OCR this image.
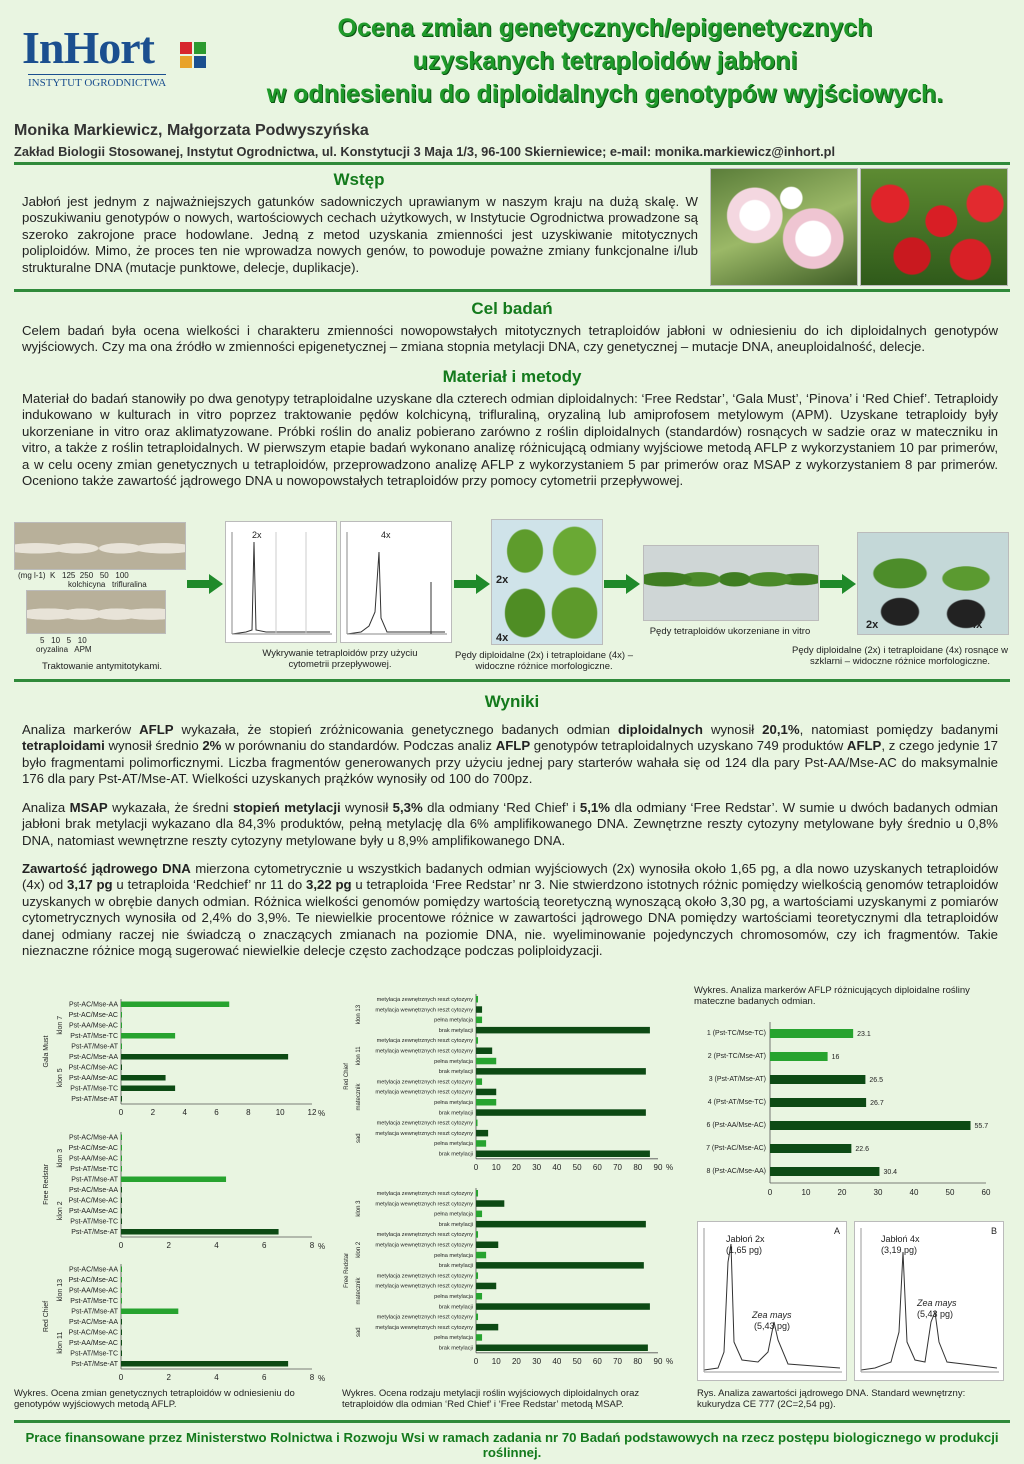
InHort
INSTYTUT OGRODNICTWA
Ocena zmian genetycznych/epigenetycznych
uzyskanych tetraploidów jabłoni
w odniesieniu do diploidalnych genotypów wyjściowych.
Monika Markiewicz, Małgorzata Podwyszyńska
Zakład Biologii Stosowanej, Instytut Ogrodnictwa, ul. Konstytucji 3 Maja 1/3, 96-100 Skierniewice; e-mail: monika.markiewicz@inhort.pl
Wstęp
Jabłoń jest jednym z najważniejszych gatunków sadowniczych uprawianym w naszym kraju na dużą skalę. W poszukiwaniu genotypów o nowych, wartościowych cechach użytkowych, w Instytucie Ogrodnictwa prowadzone są szeroko zakrojone prace hodowlane. Jedną z metod uzyskania zmienności jest uzyskiwanie mitotycznych poliploidów. Mimo, że proces ten nie wprowadza nowych genów, to powoduje poważne zmiany funkcjonalne i/lub strukturalne DNA (mutacje punktowe, delecje, duplikacje).
Cel badań
Celem badań była ocena wielkości i charakteru zmienności nowopowstałych mitotycznych tetraploidów jabłoni w odniesieniu do ich diploidalnych genotypów wyjściowych. Czy ma ona źródło w zmienności epigenetycznej – zmiana stopnia metylacji DNA, czy genetycznej – mutacje DNA, aneuploidalność, delecje.
Materiał i metody
Materiał do badań stanowiły po dwa genotypy tetraploidalne uzyskane dla czterech odmian diploidalnych: ‘Free Redstar’, ‘Gala Must’, ‘Pinova’ i ‘Red Chief’. Tetraploidy indukowano w kulturach in vitro poprzez traktowanie pędów kolchicyną, trifluraliną, oryzaliną lub amiprofosem metylowym (APM). Uzyskane tetraploidy były ukorzeniane in vitro oraz aklimatyzowane. Próbki roślin do analiz pobierano zarówno z roślin diploidalnych (standardów) rosnących w sadzie oraz w mateczniku in vitro, a także z roślin tetraploidalnych. W pierwszym etapie badań wykonano analizę różnicującą odmiany wyjściowe metodą AFLP z wykorzystaniem 10 par primerów, a w celu oceny zmian genetycznych u tetraploidów, przeprowadzono analizę AFLP z wykorzystaniem 5 par primerów oraz MSAP z wykorzystaniem 8 par primerów. Oceniono także zawartość jądrowego DNA u nowopowstałych tetraploidów przy pomocy cytometrii przepływowej.
(mg l-1)  K   125  250   50   100
kolchicyna   trifluralina
5   10   5   10
oryzalina   APM
Traktowanie antymitotykami.
2x	4x
Wykrywanie tetraploidów przy użyciu cytometrii przepływowej.
2x
4x
Pędy diploidalne (2x) i tetraploidane (4x) – widoczne różnice morfologiczne.
Pędy tetraploidów ukorzeniane in vitro
2x	4x
Pędy diploidalne (2x) i tetraploidane (4x) rosnące w szklarni – widoczne różnice morfologiczne.
Wyniki
Analiza markerów AFLP wykazała, że stopień zróżnicowania genetycznego badanych odmian diploidalnych wynosił 20,1%, natomiast pomiędzy badanymi tetraploidami wynosił średnio 2% w porównaniu do standardów. Podczas analiz AFLP genotypów tetraploidalnych uzyskano 749 produktów AFLP, z czego jedynie 17 było fragmentami polimorficznymi. Liczba fragmentów generowanych przy użyciu jednej pary starterów wahała się od 124 dla pary Pst-AA/Mse-AC do maksymalnie 176 dla pary Pst-AT/Mse-AT. Wielkości uzyskanych prążków wynosiły od 100 do 700pz.
Analiza MSAP wykazała, że średni stopień metylacji wynosił 5,3% dla odmiany ‘Red Chief’ i 5,1% dla odmiany ‘Free Redstar’. W sumie u dwóch badanych odmian jabłoni brak metylacji wykazano dla 84,3% produktów, pełną metylację dla 6% amplifikowanego DNA. Zewnętrzne reszty cytozyny metylowane były średnio u 0,8% DNA, natomiast wewnętrzne reszty cytozyny metylowane były u 8,9% amplifikowanego DNA.
Zawartość jądrowego DNA mierzona cytometrycznie u wszystkich badanych odmian wyjściowych (2x) wynosiła około 1,65 pg, a dla nowo uzyskanych tetraploidów (4x) od 3,17 pg u tetraploida ‘Redchief’ nr 11 do 3,22 pg u tetraploida ‘Free Redstar’ nr 3. Nie stwierdzono istotnych różnic pomiędzy wielkością genomów tetraploidów uzyskanych w obrębie danych odmian. Różnica wielkości genomów pomiędzy wartością teoretyczną wynoszącą około 3,30 pg, a wartościami uzyskanymi z pomiarów cytometrycznych wynosiła od 2,4% do 3,9%. Te niewielkie procentowe różnice w zawartości jądrowego DNA pomiędzy wartościami teoretycznymi dla tetraploidów danej odmiany raczej nie świadczą o znaczących zmianach na poziomie DNA, nie. wyeliminowanie pojedynczych chromosomów, czy ich fragmentów. Takie nieznaczne różnice mogą sugerować niewielkie delecje często zachodzące podczas poliploidyzacji.
0	2	4	6	8	10	12 %
Pst-AC/Mse-AA
Pst-AC/Mse-AC
Pst-AA/Mse-AC
Pst-AT/Mse-TC
Pst-AT/Mse-AT
Pst-AC/Mse-AA
Pst-AC/Mse-AC
Pst-AA/Mse-AC
Pst-AT/Mse-TC
Pst-AT/Mse-AT
klon 7
klon 5
Gala Must
0	2	4	6	8 %
Pst-AC/Mse-AA
Pst-AC/Mse-AC
Pst-AA/Mse-AC
Pst-AT/Mse-TC
Pst-AT/Mse-AT
Pst-AC/Mse-AA
Pst-AC/Mse-AC
Pst-AA/Mse-AC
Pst-AT/Mse-TC
Pst-AT/Mse-AT
klon 3
klon 2
Free Redstar
0	2	4	6	8 %
Pst-AC/Mse-AA
Pst-AC/Mse-AC
Pst-AA/Mse-AC
Pst-AT/Mse-TC
Pst-AT/Mse-AT
Pst-AC/Mse-AA
Pst-AC/Mse-AC
Pst-AA/Mse-AC
Pst-AT/Mse-TC
Pst-AT/Mse-AT
klon 13
klon 11
Red Chief
Wykres. Ocena zmian genetycznych tetraploidów w odniesieniu do genotypów wyjściowych metodą AFLP.
0 10 20 30 40 50 60 70 80 90 %
metylacja zewnętrznych reszt cytozyny
metylacja wewnętrznych reszt cytozyny
pełna metylacja
brak metylacji
klon 13
metylacja zewnętrznych reszt cytozyny
metylacja wewnętrznych reszt cytozyny
pełna metylacja
brak metylacji
klon 11
metylacja zewnętrznych reszt cytozyny
metylacja wewnętrznych reszt cytozyny
pełna metylacja
brak metylacji
matecznik
metylacja zewnętrznych reszt cytozyny
metylacja wewnętrznych reszt cytozyny
pełna metylacja
brak metylacji
sad
Red Chief
0 10 20 30 40 50 60 70 80 90 %
metylacja zewnętrznych reszt cytozyny
metylacja wewnętrznych reszt cytozyny
pełna metylacja
brak metylacji
klon 3
metylacja zewnętrznych reszt cytozyny
metylacja wewnętrznych reszt cytozyny
pełna metylacja
brak metylacji
klon 2
metylacja zewnętrznych reszt cytozyny
metylacja wewnętrznych reszt cytozyny
pełna metylacja
brak metylacji
matecznik
metylacja zewnętrznych reszt cytozyny
metylacja wewnętrznych reszt cytozyny
pełna metylacja
brak metylacji
sad
Free Redstar
Wykres. Ocena rodzaju metylacji roślin wyjściowych diploidalnych oraz tetraploidów dla odmian ‘Red Chief’ i ‘Free Redstar’ metodą MSAP.
Wykres. Analiza markerów AFLP różnicujących diploidalne rośliny mateczne badanych odmian.
0	10	20	30	40	50	60
1 (Pst-TC/Mse-TC)	23.1
2 (Pst-TC/Mse-AT)	16
3 (Pst-AT/Mse-AT)	26.5
4 (Pst-AT/Mse-TC)	26.7
6 (Pst-AA/Mse-AC)	55.7
7 (Pst-AC/Mse-AC)	22.6
8 (Pst-AC/Mse-AA)	30.4
A
Jabłoń 2x
(1,65 pg)
Zea mays
(5,43 pg)
B
Jabłoń 4x
(3,19 pg)
Zea mays
(5,43 pg)
Rys. Analiza zawartości jądrowego DNA. Standard wewnętrzny: kukurydza CE 777 (2C=2,54 pg).
Prace finansowane przez Ministerstwo Rolnictwa i Rozwoju Wsi w ramach zadania nr 70 Badań podstawowych na rzecz postępu biologicznego w produkcji roślinnej.
